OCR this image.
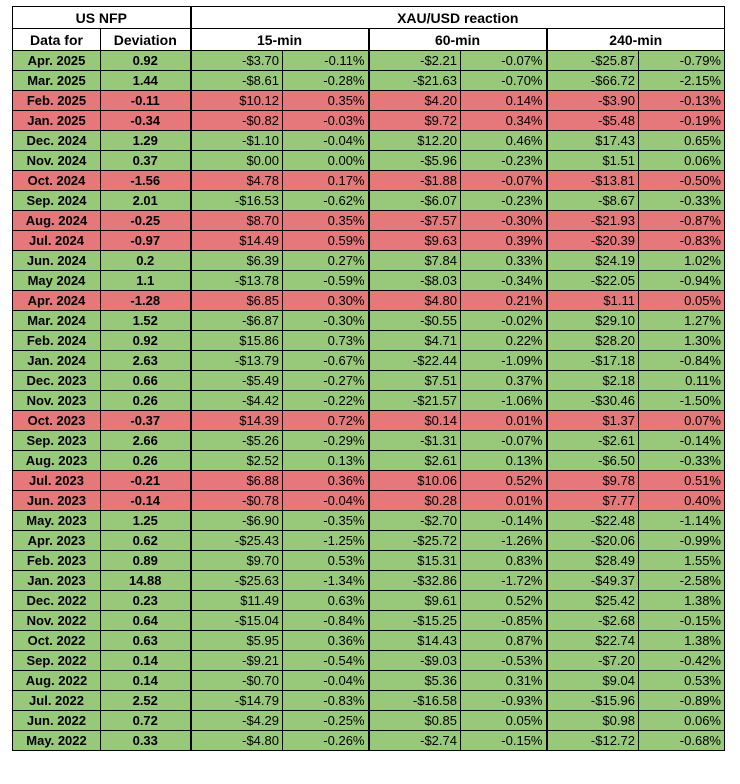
US NFP		XAU/USD reaction					
Data for	Deviation	15-min		60-min		240-min	
Apr. 2025	0.92	-$3.70	-0.11%	-$2.21	-0.07%	-$25.87	-0.79%
Mar. 2025	1.44	-$8.61	-0.28%	-$21.63	-0.70%	-$66.72	-2.15%
Feb. 2025	-0.11	$10.12	0.35%	$4.20	0.14%	-$3.90	-0.13%
Jan. 2025	-0.34	-$0.82	-0.03%	$9.72	0.34%	-$5.48	-0.19%
Dec. 2024	1.29	-$1.10	-0.04%	$12.20	0.46%	$17.43	0.65%
Nov. 2024	0.37	$0.00	0.00%	-$5.96	-0.23%	$1.51	0.06%
Oct. 2024	-1.56	$4.78	0.17%	-$1.88	-0.07%	-$13.81	-0.50%
Sep. 2024	2.01	-$16.53	-0.62%	-$6.07	-0.23%	-$8.67	-0.33%
Aug. 2024	-0.25	$8.70	0.35%	-$7.57	-0.30%	-$21.93	-0.87%
Jul. 2024	-0.97	$14.49	0.59%	$9.63	0.39%	-$20.39	-0.83%
Jun. 2024	0.2	$6.39	0.27%	$7.84	0.33%	$24.19	1.02%
May 2024	1.1	-$13.78	-0.59%	-$8.03	-0.34%	-$22.05	-0.94%
Apr. 2024	-1.28	$6.85	0.30%	$4.80	0.21%	$1.11	0.05%
Mar. 2024	1.52	-$6.87	-0.30%	-$0.55	-0.02%	$29.10	1.27%
Feb. 2024	0.92	$15.86	0.73%	$4.71	0.22%	$28.20	1.30%
Jan. 2024	2.63	-$13.79	-0.67%	-$22.44	-1.09%	-$17.18	-0.84%
Dec. 2023	0.66	-$5.49	-0.27%	$7.51	0.37%	$2.18	0.11%
Nov. 2023	0.26	-$4.42	-0.22%	-$21.57	-1.06%	-$30.46	-1.50%
Oct. 2023	-0.37	$14.39	0.72%	$0.14	0.01%	$1.37	0.07%
Sep. 2023	2.66	-$5.26	-0.29%	-$1.31	-0.07%	-$2.61	-0.14%
Aug. 2023	0.26	$2.52	0.13%	$2.61	0.13%	-$6.50	-0.33%
Jul. 2023	-0.21	$6.88	0.36%	$10.06	0.52%	$9.78	0.51%
Jun. 2023	-0.14	-$0.78	-0.04%	$0.28	0.01%	$7.77	0.40%
May. 2023	1.25	-$6.90	-0.35%	-$2.70	-0.14%	-$22.48	-1.14%
Apr. 2023	0.62	-$25.43	-1.25%	-$25.72	-1.26%	-$20.06	-0.99%
Feb. 2023	0.89	$9.70	0.53%	$15.31	0.83%	$28.49	1.55%
Jan. 2023	14.88	-$25.63	-1.34%	-$32.86	-1.72%	-$49.37	-2.58%
Dec. 2022	0.23	$11.49	0.63%	$9.61	0.52%	$25.42	1.38%
Nov. 2022	0.64	-$15.04	-0.84%	-$15.25	-0.85%	-$2.68	-0.15%
Oct. 2022	0.63	$5.95	0.36%	$14.43	0.87%	$22.74	1.38%
Sep. 2022	0.14	-$9.21	-0.54%	-$9.03	-0.53%	-$7.20	-0.42%
Aug. 2022	0.14	-$0.70	-0.04%	$5.36	0.31%	$9.04	0.53%
Jul. 2022	2.52	-$14.79	-0.83%	-$16.58	-0.93%	-$15.96	-0.89%
Jun. 2022	0.72	-$4.29	-0.25%	$0.85	0.05%	$0.98	0.06%
May. 2022	0.33	-$4.80	-0.26%	-$2.74	-0.15%	-$12.72	-0.68%
